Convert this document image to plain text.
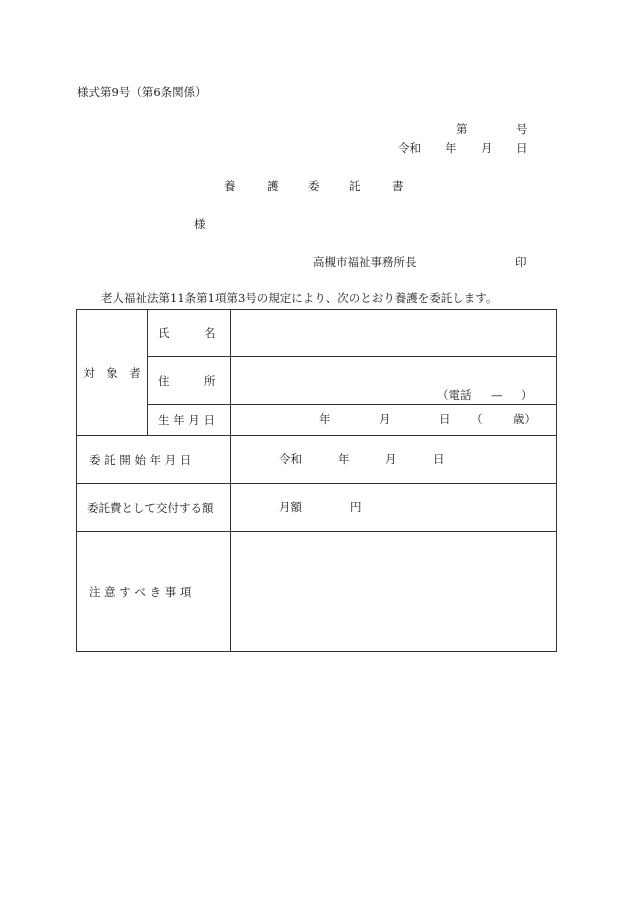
様式第9号（第6条関係）
第	号
令和 年 月 日
養	護	委	託	書
様
高槻市福祉事務所長	印
老人福祉法第11条第1項第3号の規定により、次のとおり養護を委託します。
対　象　者	氏　　　名	
	住　　　所	（電話 — ）

	生 年 月 日	年 月 日 （ 歳）

委 託 開 始 年 月 日		令和 年 月 日

委託費として交付する額		月額 円

注 意 す べ き 事 項		
